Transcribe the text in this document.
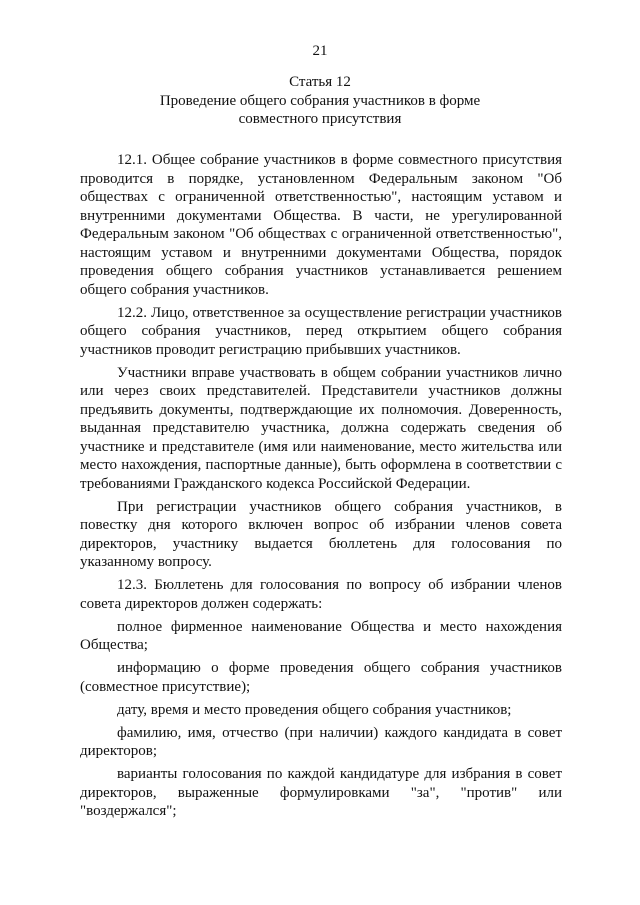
21
Статья 12
Проведение общего собрания участников в форме
совместного присутствия

12.1. Общее собрание участников в форме совместного присутствия проводится в порядке, установленном Федеральным законом "Об обществах с ограниченной ответственностью", настоящим уставом и внутренними документами Общества. В части, не урегулированной Федеральным законом "Об обществах с ограниченной ответственностью", настоящим уставом и внутренними документами Общества, порядок проведения общего собрания участников устанавливается решением общего собрания участников.

12.2. Лицо, ответственное за осуществление регистрации участников общего собрания участников, перед открытием общего собрания участников проводит регистрацию прибывших участников.

Участники вправе участвовать в общем собрании участников лично или через своих представителей. Представители участников должны предъявить документы, подтверждающие их полномочия. Доверенность, выданная представителю участника, должна содержать сведения об участнике и представителе (имя или наименование, место жительства или место нахождения, паспортные данные), быть оформлена в соответствии с требованиями Гражданского кодекса Российской Федерации.

При регистрации участников общего собрания участников, в повестку дня которого включен вопрос об избрании членов совета директоров, участнику выдается бюллетень для голосования по указанному вопросу.

12.3. Бюллетень для голосования по вопросу об избрании членов совета директоров должен содержать:

полное фирменное наименование Общества и место нахождения Общества;

информацию о форме проведения общего собрания участников (совместное присутствие);

дату, время и место проведения общего собрания участников;

фамилию, имя, отчество (при наличии) каждого кандидата в совет директоров;

варианты голосования по каждой кандидатуре для избрания в совет директоров, выраженные формулировками "за", "против" или "воздержался";
